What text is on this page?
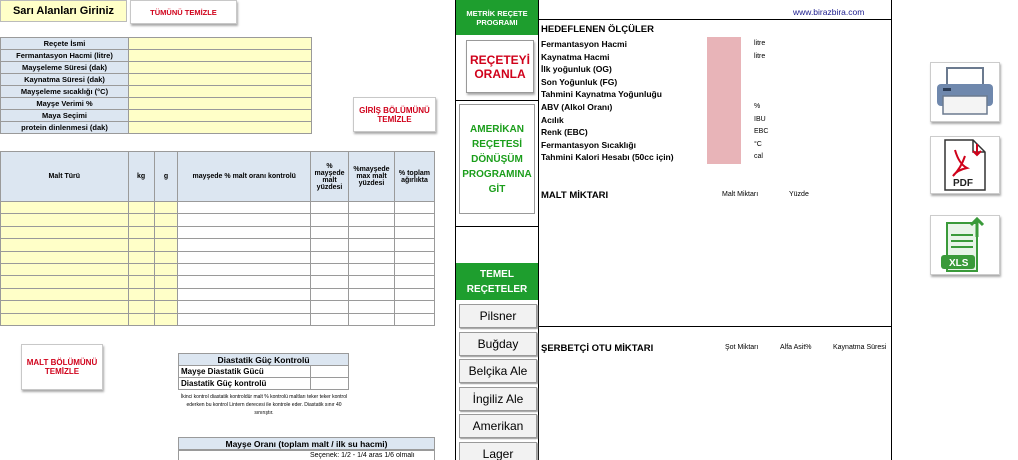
Sarı Alanları Giriniz	TÜMÜNÜ TEMİZLE
Reçete İsmi	
Fermantasyon Hacmi (litre)	
Mayşeleme Süresi (dak)	
Kaynatma Süresi (dak)	
Mayşeleme sıcaklığı (°C)	
Mayşe Verimi %	
Maya Seçimi	
protein dinlenmesi (dak)	
GİRİŞ BÖLÜMÜNÜ TEMİZLE
Malt Türü	kg	g	mayşede % malt oranı kontrolü	% mayşede malt yüzdesi	%mayşede max malt yüzdesi	% toplam ağırlıkta

MALT BÖLÜMÜNÜ TEMİZLE
Diastatik Güç Kontrolü	
Mayşe Diastatik Gücü	
Diastatik Güç kontrolü	
İkinci kontrol diastatik kontroldür malt % kontrolü maltları teker teker kontrol ederken bu kontrol Lintern derecesi ile kontrole eder. Diastatik sınır 40 sınırıştır.
Mayşe Oranı (toplam malt / ilk su hacmi)
Seçenek: 1/2 - 1/4 aras 1/6 olmalı
METRİK REÇETE PROGRAMI
REÇETEYİ ORANLA
AMERİKAN REÇETESİ DÖNÜŞÜM PROGRAMINA GİT
TEMEL REÇETELER
Pilsner
Buğday
Belçika Ale
İngiliz Ale
Amerikan
Lager
www.birazbira.com
HEDEFLENEN ÖLÇÜLER
Fermantasyon Hacmi	litre
Kaynatma Hacmi	litre
İlk yoğunluk (OG)
Son Yoğunluk (FG)
Tahmini Kaynatma Yoğunluğu
ABV (Alkol Oranı)	%
Acılık	IBU
Renk (EBC)	EBC
Fermantasyon Sıcaklığı	°C
Tahmini Kalori Hesabı (50cc için)	cal
MALT MİKTARI	Malt Miktarı	Yüzde
ŞERBETÇİ OTU MİKTARI	Şot Miktarı	Alfa Asit%	Kaynatma Süresi
PDF
XLS
